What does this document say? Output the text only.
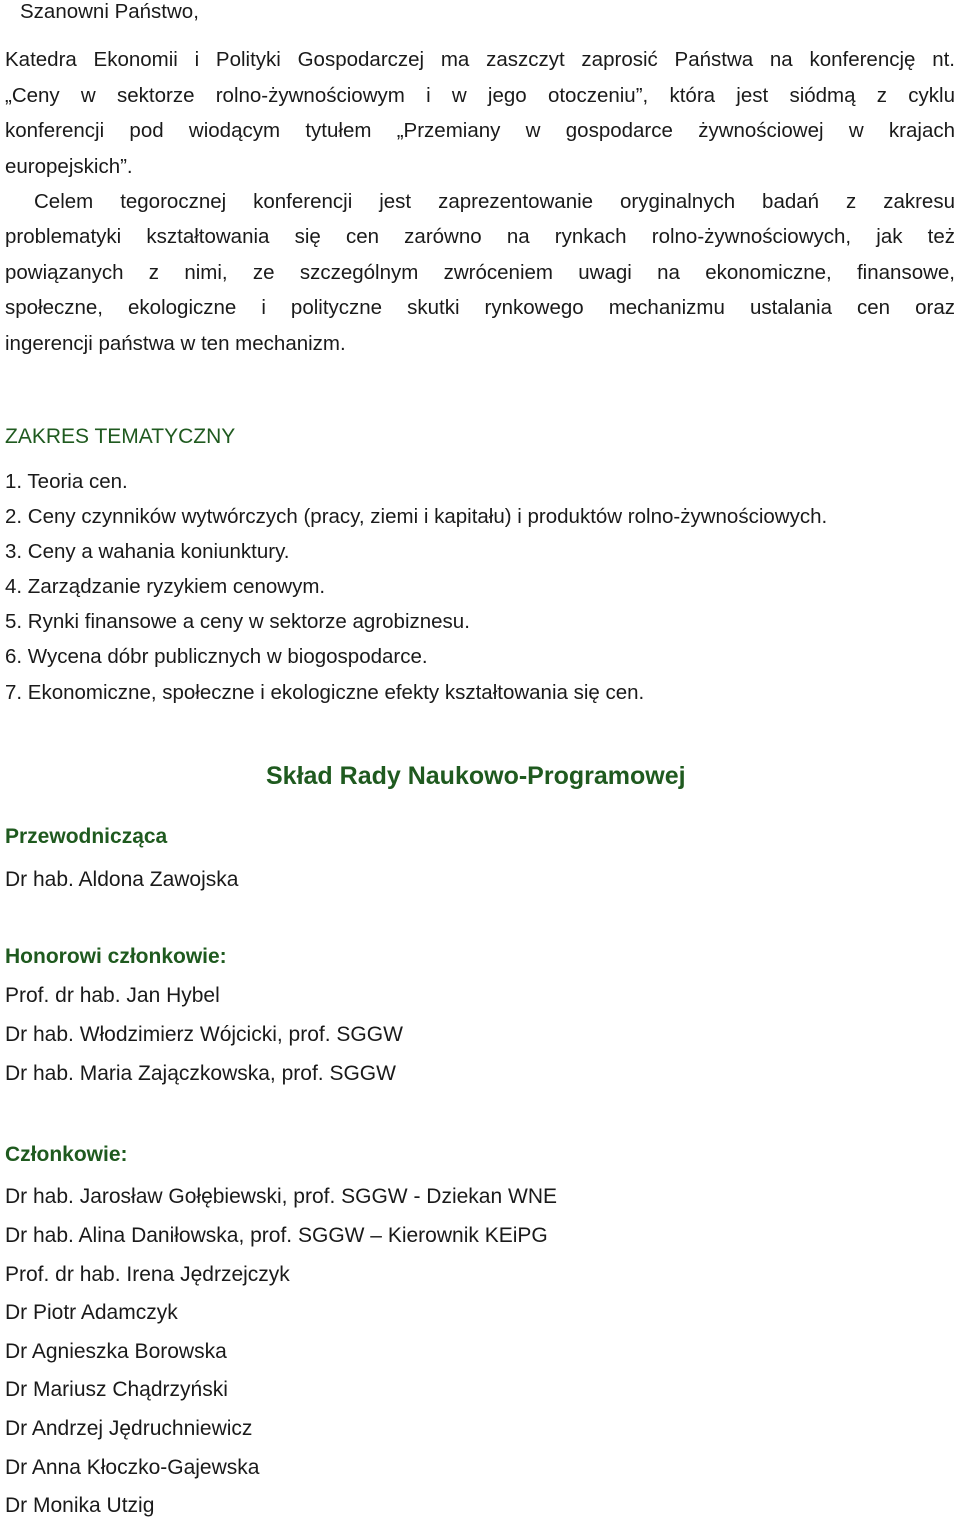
Szanowni Państwo,
Katedra Ekonomii i Polityki Gospodarczej ma zaszczyt zaprosić Państwa na konferencję nt.
„Ceny w sektorze rolno-żywnościowym i w jego otoczeniu”, która jest siódmą z cyklu
konferencji pod wiodącym tytułem „Przemiany w gospodarce żywnościowej w krajach
europejskich”.
Celem tegorocznej konferencji jest zaprezentowanie oryginalnych badań z zakresu
problematyki kształtowania się cen zarówno na rynkach rolno-żywnościowych, jak też
powiązanych z nimi, ze szczególnym zwróceniem uwagi na ekonomiczne, finansowe,
społeczne, ekologiczne i polityczne skutki rynkowego mechanizmu ustalania cen oraz
ingerencji państwa w ten mechanizm.
ZAKRES TEMATYCZNY
1. Teoria cen.
2. Ceny czynników wytwórczych (pracy, ziemi i kapitału) i produktów rolno-żywnościowych.
3. Ceny a wahania koniunktury.
4. Zarządzanie ryzykiem cenowym.
5. Rynki finansowe a ceny w sektorze agrobiznesu.
6. Wycena dóbr publicznych w biogospodarce.
7. Ekonomiczne, społeczne i ekologiczne efekty kształtowania się cen.
Skład Rady Naukowo-Programowej
Przewodnicząca
Dr hab. Aldona Zawojska
Honorowi członkowie:
Prof. dr hab. Jan Hybel
Dr hab. Włodzimierz Wójcicki, prof. SGGW
Dr hab. Maria Zajączkowska, prof. SGGW
Członkowie:
Dr hab. Jarosław Gołębiewski, prof. SGGW - Dziekan WNE
Dr hab. Alina Daniłowska, prof. SGGW – Kierownik KEiPG
Prof. dr hab. Irena Jędrzejczyk
Dr Piotr Adamczyk
Dr Agnieszka Borowska
Dr Mariusz Chądrzyński
Dr Andrzej Jędruchniewicz
Dr Anna Kłoczko-Gajewska
Dr Monika Utzig
